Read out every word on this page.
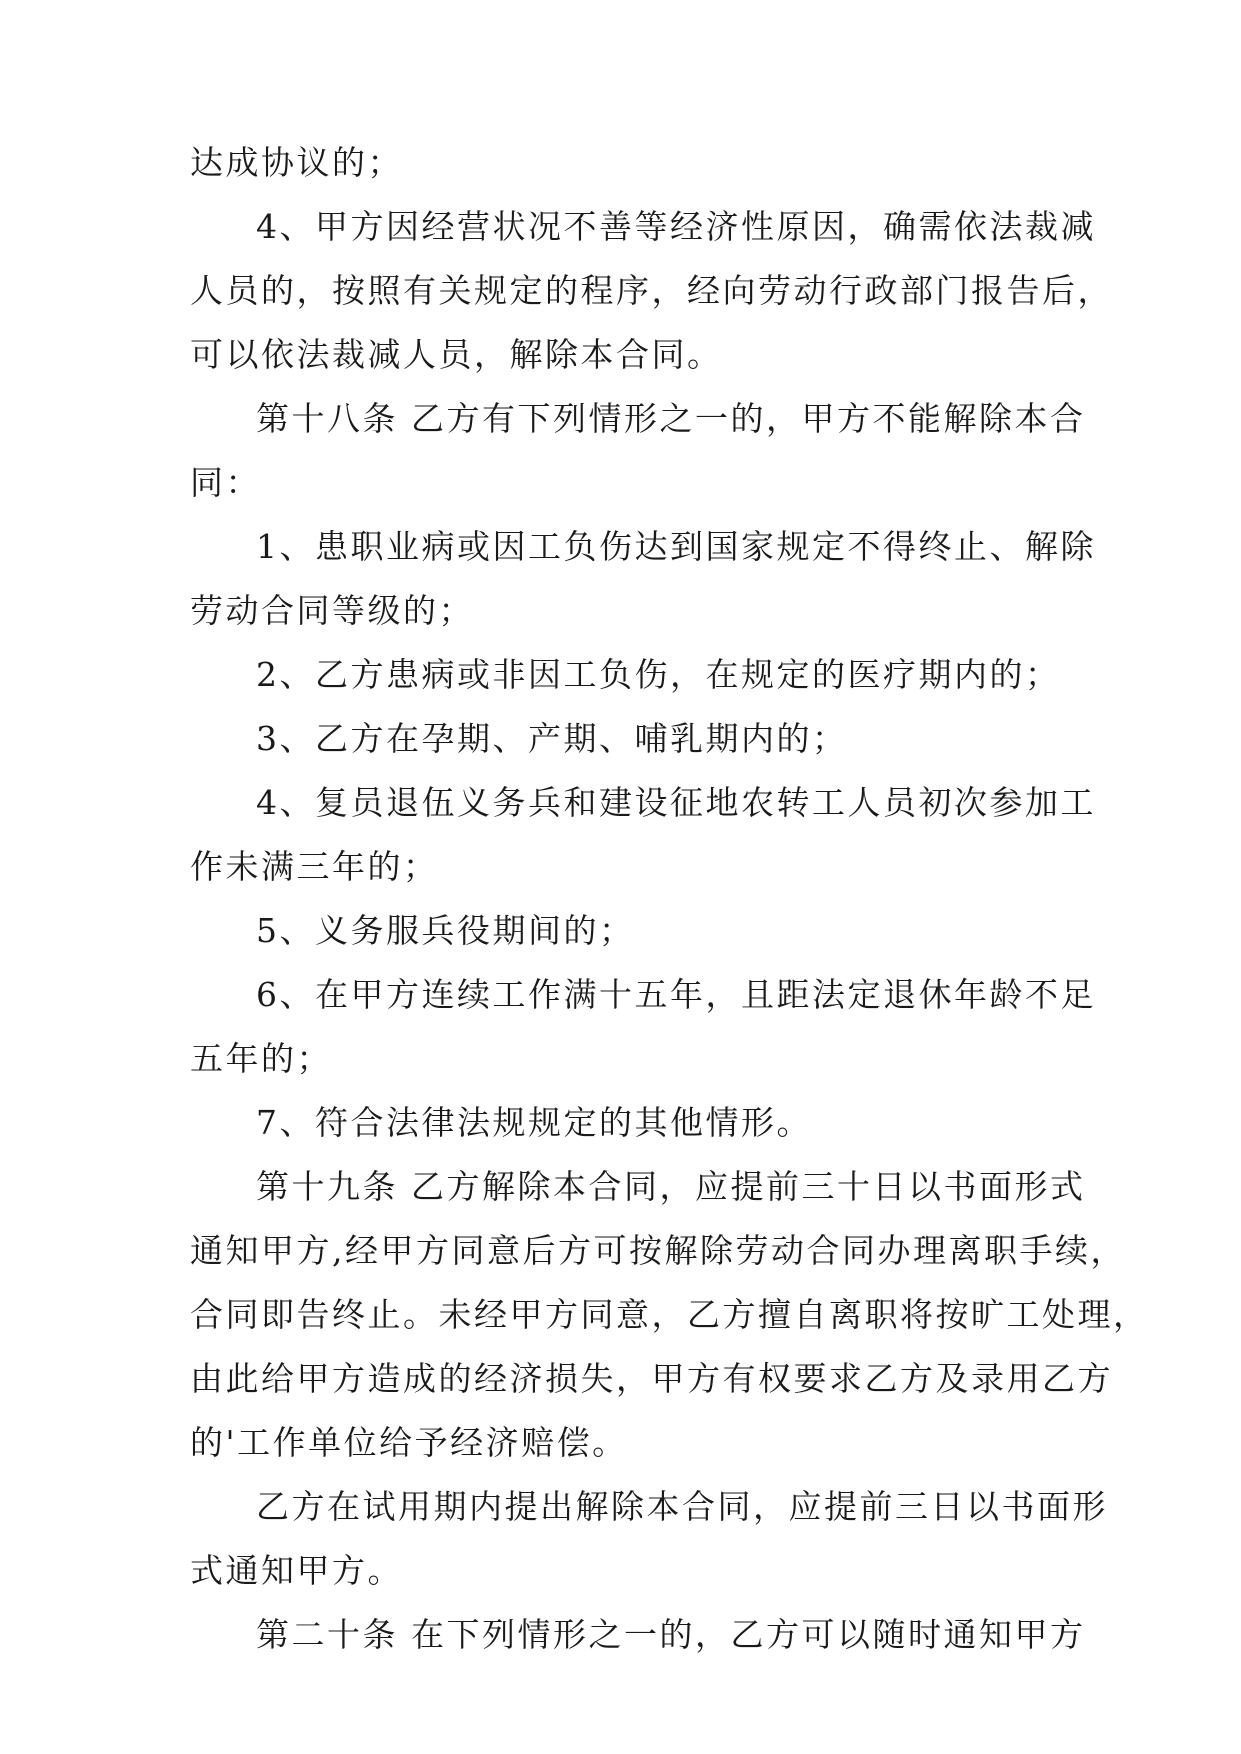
达成协议的；
4、甲方因经营状况不善等经济性原因，确需依法裁减
人员的，按照有关规定的程序，经向劳动行政部门报告后，
可以依法裁减人员，解除本合同。
第十八条 乙方有下列情形之一的，甲方不能解除本合
同：
1、患职业病或因工负伤达到国家规定不得终止、解除
劳动合同等级的；
2、乙方患病或非因工负伤，在规定的医疗期内的；
3、乙方在孕期、产期、哺乳期内的；
4、复员退伍义务兵和建设征地农转工人员初次参加工
作未满三年的；
5、义务服兵役期间的；
6、在甲方连续工作满十五年，且距法定退休年龄不足
五年的；
7、符合法律法规规定的其他情形。
第十九条 乙方解除本合同，应提前三十日以书面形式
通知甲方,经甲方同意后方可按解除劳动合同办理离职手续，
合同即告终止。未经甲方同意，乙方擅自离职将按旷工处理，
由此给甲方造成的经济损失，甲方有权要求乙方及录用乙方
的'工作单位给予经济赔偿。
乙方在试用期内提出解除本合同，应提前三日以书面形
式通知甲方。
第二十条 在下列情形之一的，乙方可以随时通知甲方
